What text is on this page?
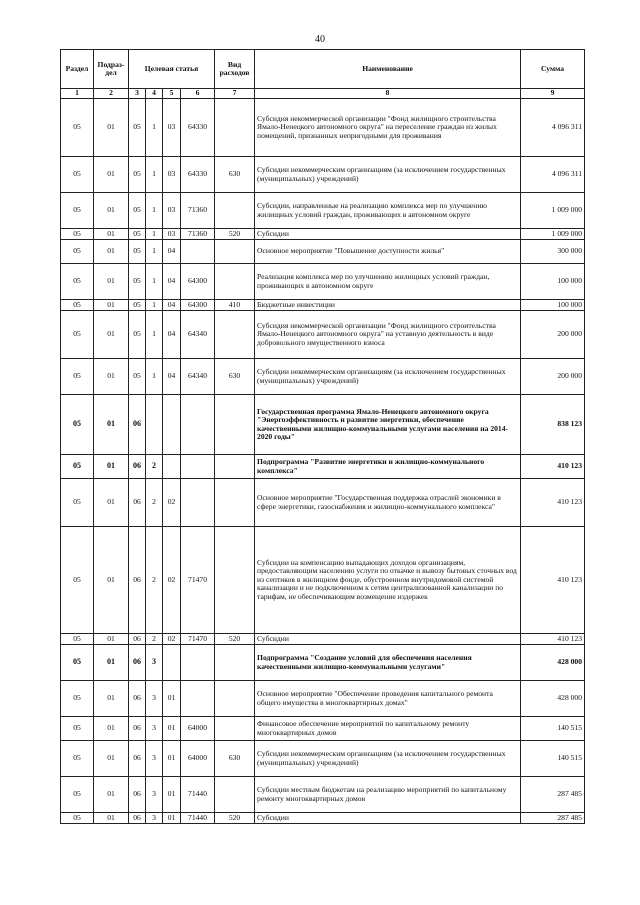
40
Раздел	Подраз-дел	Целевая статья				Вид расходов	Наименование	Сумма
1	2	3	4	5	6	7	8	9
05	01	05	1	03	64330		Субсидия некоммерческой организации "Фонд жилищного строительства Ямало-Ненецкого автономного округа" на переселение граждан из жилых помещений, признанных непригодными для проживания	4 096 311
05	01	05	1	03	64330	630	Субсидии некоммерческим организациям (за исключением государственных (муниципальных) учреждений)	4 096 311
05	01	05	1	03	71360		Субсидии, направленные на реализацию комплекса мер по улучшению жилищных условий граждан, проживающих в автономном округе	1 009 000
05	01	05	1	03	71360	520	Субсидии	1 009 000
05	01	05	1	04			Основное мероприятие "Повышение доступности жилья"	300 000
05	01	05	1	04	64300		Реализация комплекса мер по улучшению жилищных условий граждан, проживающих в автономном округе	100 000
05	01	05	1	04	64300	410	Бюджетные инвестиции	100 000
05	01	05	1	04	64340		Субсидия некоммерческой организации "Фонд жилищного строительства Ямало-Ненецкого автономного округа" на уставную деятельность в виде добровольного имущественного взноса	200 000
05	01	05	1	04	64340	630	Субсидии некоммерческим организациям (за исключением государственных (муниципальных) учреждений)	200 000
05	01	06					Государственная программа Ямало-Ненецкого автономного округа "Энергоэффективность и развитие энергетики, обеспечение качественными жилищно-коммунальными услугами населения на 2014-2020 годы"	838 123
05	01	06	2				Подпрограмма "Развитие энергетики и жилищно-коммунального комплекса"	410 123
05	01	06	2	02			Основное мероприятие "Государственная поддержка отраслей экономики в сфере энергетики, газоснабжения и жилищно-коммунального комплекса"	410 123
05	01	06	2	02	71470		Субсидии на компенсацию выпадающих доходов организациям, предоставляющим населению услуги по откачке и вывозу бытовых сточных вод из септиков в жилищном фонде, обустроенном внутридомовой системой канализации и не подключенном к сетям централизованной канализации по тарифам, не обеспечивающим возмещение издержек	410 123
05	01	06	2	02	71470	520	Субсидии	410 123
05	01	06	3				Подпрограмма "Создание условий для обеспечения населения качественными жилищно-коммунальными услугами"	428 000
05	01	06	3	01			Основное мероприятие "Обеспечение проведения капитального ремонта общего имущества в многоквартирных домах"	428 000
05	01	06	3	01	64000		Финансовое обеспечение мероприятий по капитальному ремонту многоквартирных домов	140 515
05	01	06	3	01	64000	630	Субсидии некоммерческим организациям (за исключением государственных (муниципальных) учреждений)	140 515
05	01	06	3	01	71440		Субсидии местным бюджетам на реализацию мероприятий по капитальному ремонту многоквартирных домов	287 485
05	01	06	3	01	71440	520	Субсидии	287 485
